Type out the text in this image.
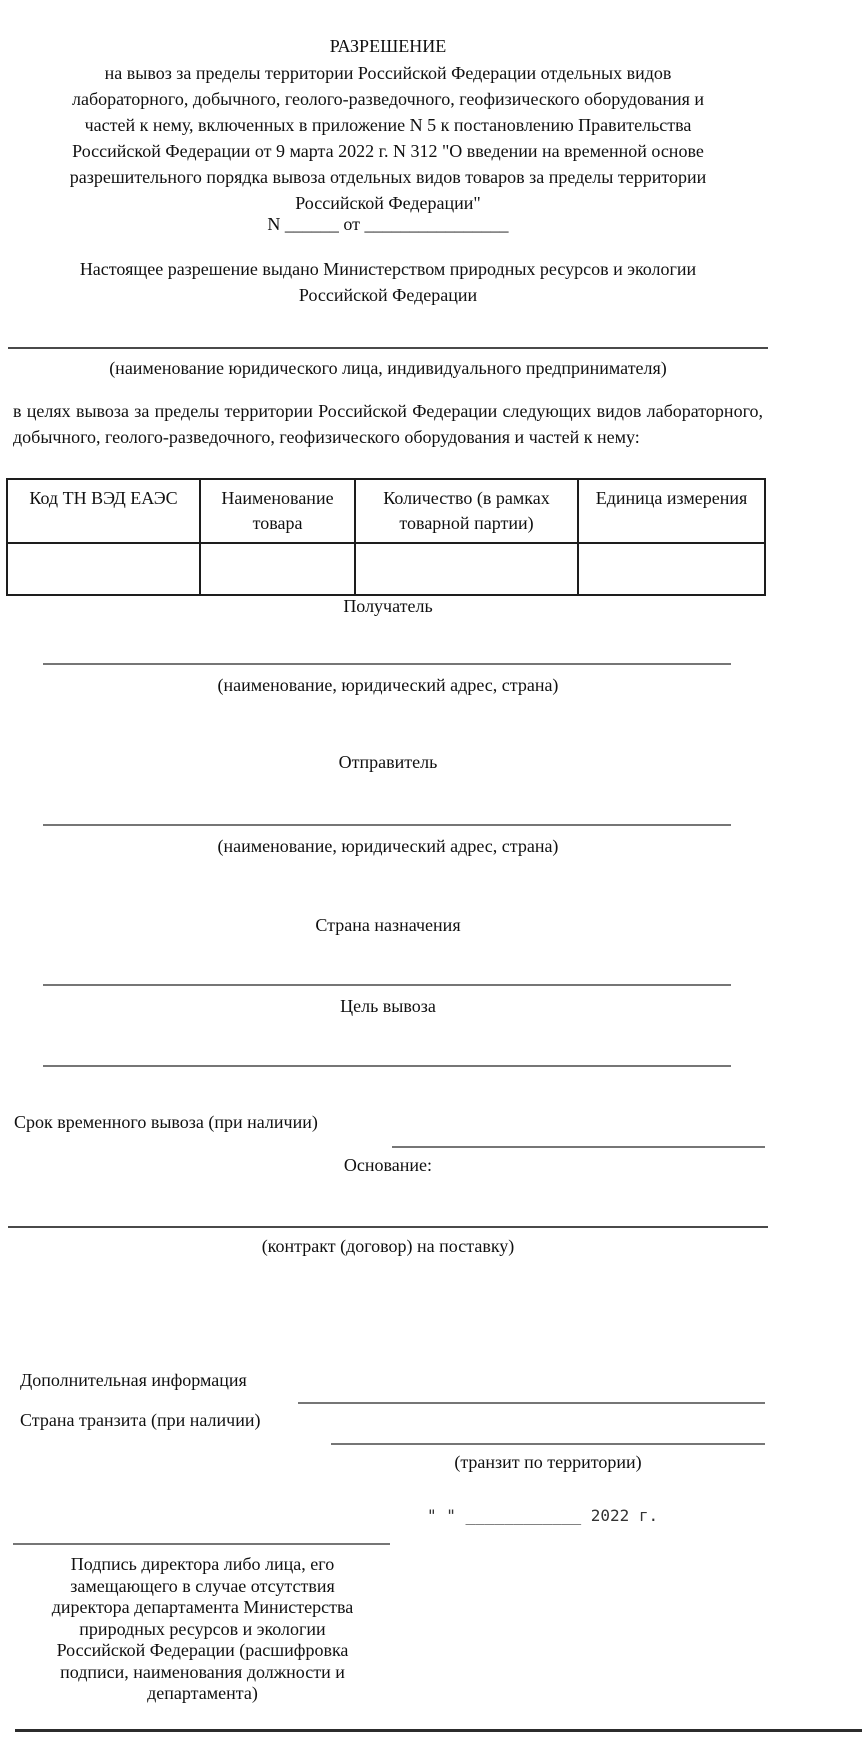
РАЗРЕШЕНИЕ
на вывоз за пределы территории Российской Федерации отдельных видов
лабораторного, добычного, геолого-разведочного, геофизического оборудования и
частей к нему, включенных в приложение N 5 к постановлению Правительства
Российской Федерации от 9 марта 2022 г. N 312 "О введении на временной основе
разрешительного порядка вывоза отдельных видов товаров за пределы территории
Российской Федерации"
N ______ от ________________
Настоящее разрешение выдано Министерством природных ресурсов и экологии
Российской Федерации
(наименование юридического лица, индивидуального предпринимателя)
в целях вывоза за пределы территории Российской Федерации следующих видов лабораторного, добычного, геолого-разведочного, геофизического оборудования и частей к нему:
Код ТН ВЭД ЕАЭС	Наименование товара	Количество (в рамках товарной партии)	Единица измерения

Получатель
(наименование, юридический адрес, страна)
Отправитель
(наименование, юридический адрес, страна)
Страна назначения
Цель вывоза
Срок временного вывоза (при наличии)
Основание:
(контракт (договор) на поставку)
Дополнительная информация
Страна транзита (при наличии)
(транзит по территории)
" " ____________ 2022 г.
Подпись директора либо лица, его
замещающего в случае отсутствия
директора департамента Министерства
природных ресурсов и экологии
Российской Федерации (расшифровка
подписи, наименования должности и
департамента)
